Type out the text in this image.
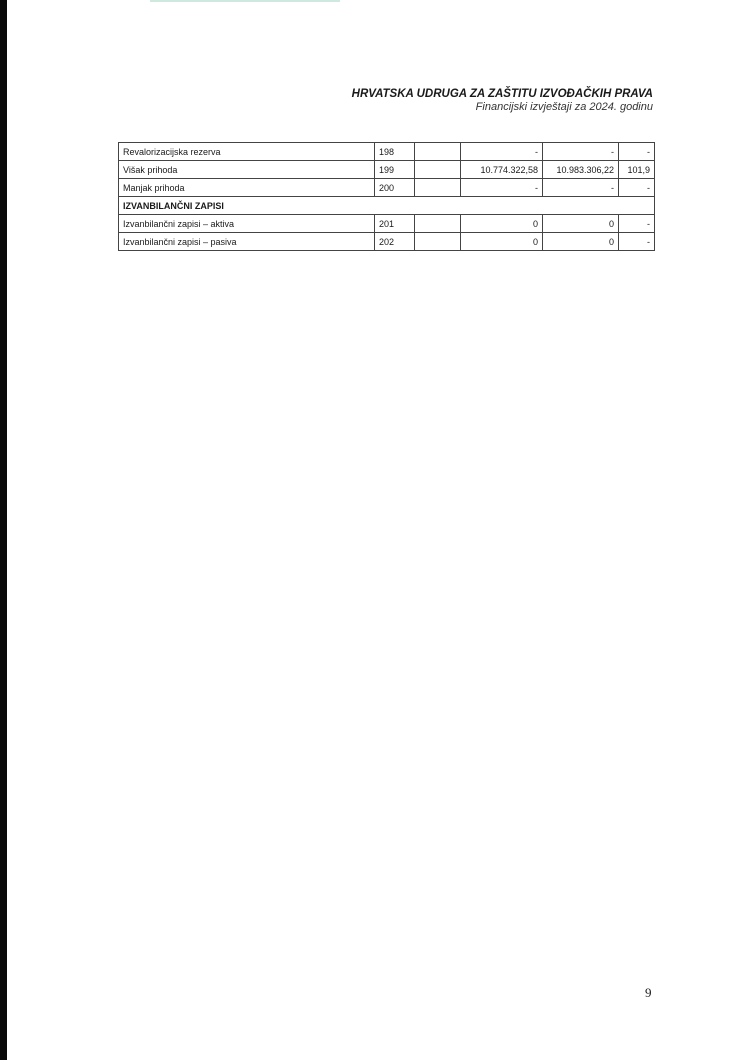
HRVATSKA UDRUGA ZA ZAŠTITU IZVOĐAČKIH PRAVA
Financijski izvještaji za 2024. godinu
Revalorizacijska rezerva	198		-	-	-
Višak prihoda	199		10.774.322,58	10.983.306,22	101,9
Manjak prihoda	200		-	-	-
IZVANBILANČNI ZAPISI					
Izvanbilančni zapisi – aktiva	201		0	0	-
Izvanbilančni zapisi – pasiva	202		0	0	-
9
